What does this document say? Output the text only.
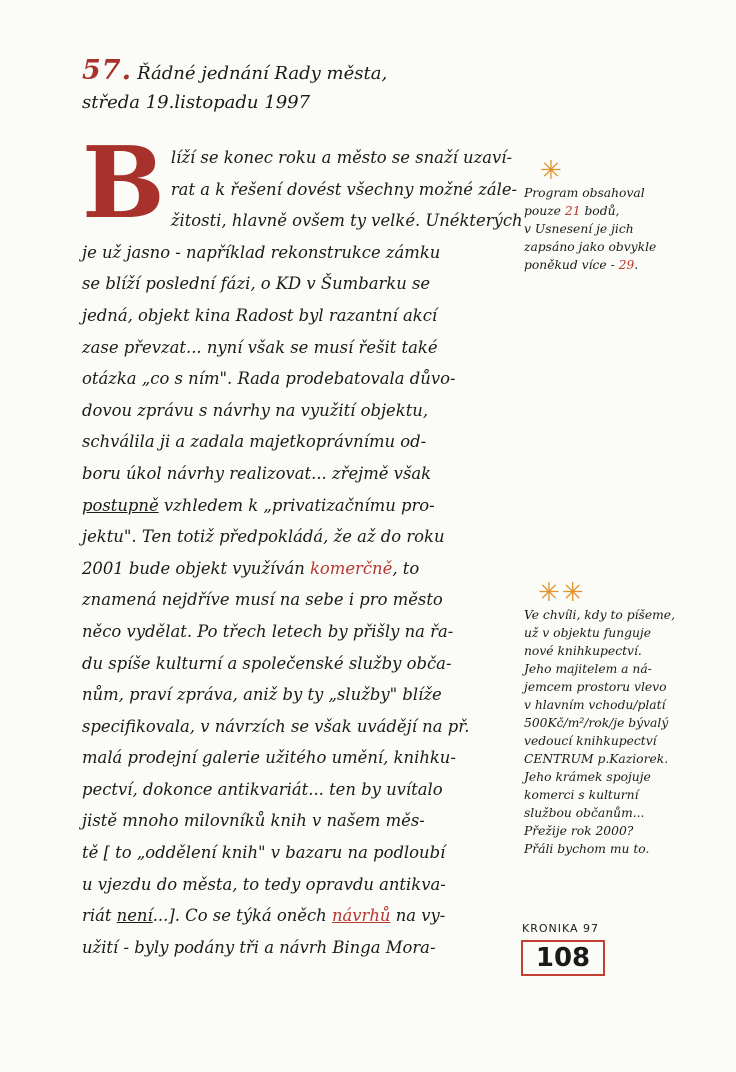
57. Řádné jednání Rady města,
středa 19.listopadu 1997
B líží se konec roku a město se snaží uzaví-
rat a k řešení dovést všechny možné zále-
žitosti, hlavně ovšem ty velké. Unékterých
je už jasno - například rekonstrukce zámku
se blíží poslední fázi, o KD v Šumbarku se
jedná, objekt kina Radost byl razantní akcí
zase převzat... nyní však se musí řešit také
otázka „co s ním". Rada prodebatovala důvo-
dovou zprávu s návrhy na využití objektu,
schválila ji a zadala majetkoprávnímu od-
boru úkol návrhy realizovat... zřejmě však
postupně vzhledem k „privatizačnímu pro-
jektu". Ten totiž předpokládá, že až do roku
2001 bude objekt využíván komerčně, to
znamená nejdříve musí na sebe i pro město
něco vydělat. Po třech letech by přišly na řa-
du spíše kulturní a společenské služby obča-
nům, praví zpráva, aniž by ty „služby" blíže
specifikovala, v návrzích se však uvádějí na př.
malá prodejní galerie užitého umění, knihku-
pectví, dokonce antikvariát... ten by uvítalo
jistě mnoho milovníků knih v našem měs-
tě [ to „oddělení knih" v bazaru na podloubí
u vjezdu do města, to tedy opravdu antikva-
riát není...]. Co se týká oněch návrhů na vy-
užití - byly podány tři a návrh Binga Mora-
✳
Program obsahoval
pouze 21 bodů,
v Usnesení je jich
zapsáno jako obvykle
poněkud více - 29.
✳✳
Ve chvíli, kdy to píšeme,
už v objektu funguje
nové knihkupectví.
Jeho majitelem a ná-
jemcem prostoru vlevo
v hlavním vchodu/platí
500Kč/m²/rok/je bývalý
vedoucí knihkupectví
CENTRUM p.Kaziorek.
Jeho krámek spojuje
komerci s kulturní
službou občanům...
Přežije rok 2000?
Přáli bychom mu to.
KRONIKA 97
108
